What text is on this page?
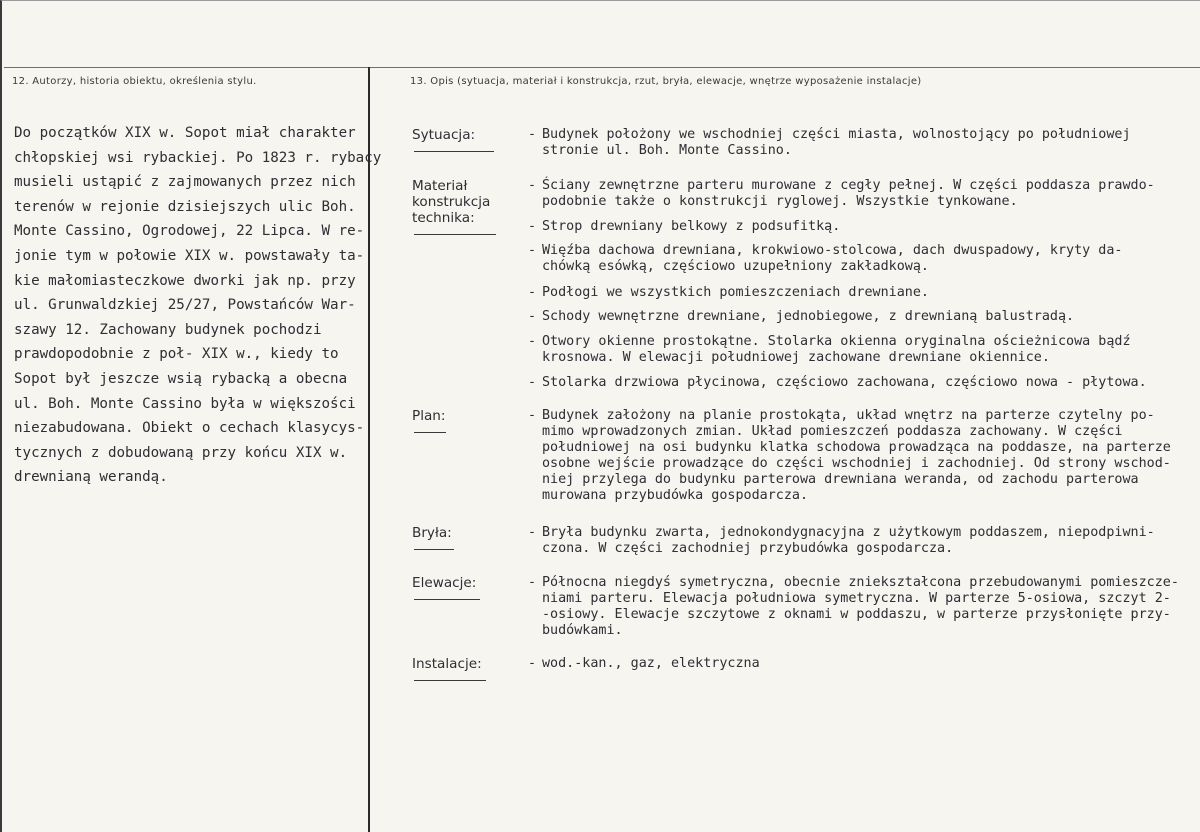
12. Autorzy, historia obiektu, określenia stylu.	13. Opis (sytuacja, materiał i konstrukcja, rzut, bryła, elewacje, wnętrze wyposażenie instalacje)
Do początków XIX w. Sopot miał charakter
chłopskiej wsi rybackiej. Po 1823 r. rybacy
musieli ustąpić z zajmowanych przez nich
terenów w rejonie dzisiejszych ulic Boh.
Monte Cassino, Ogrodowej, 22 Lipca. W re-
jonie tym w połowie XIX w. powstawały ta-
kie małomiasteczkowe dworki jak np. przy
ul. Grunwaldzkiej 25/27, Powstańców War-
szawy 12. Zachowany budynek pochodzi
prawdopodobnie z poł- XIX w., kiedy to
Sopot był jeszcze wsią rybacką a obecna
ul. Boh. Monte Cassino była w większości
niezabudowana. Obiekt o cechach klasycys-
tycznych z dobudowaną przy końcu XIX w.
drewnianą werandą.
Sytuacja:	- Budynek położony we wschodniej części miasta, wolnostojący po południowej
stronie ul. Boh. Monte Cassino.
Materiał
konstrukcja
technika:
- Ściany zewnętrzne parteru murowane z cegły pełnej. W części poddasza prawdo-
podobnie także o konstrukcji ryglowej. Wszystkie tynkowane.
- Strop drewniany belkowy z podsufitką.
- Więźba dachowa drewniana, krokwiowo-stolcowa, dach dwuspadowy, kryty da-
chówką esówką, częściowo uzupełniony zakładkową.
- Podłogi we wszystkich pomieszczeniach drewniane.
- Schody wewnętrzne drewniane, jednobiegowe, z drewnianą balustradą.
- Otwory okienne prostokątne. Stolarka okienna oryginalna ościeżnicowa bądź
krosnowa. W elewacji południowej zachowane drewniane okiennice.
- Stolarka drzwiowa płycinowa, częściowo zachowana, częściowo nowa - płytowa.
Plan:	- Budynek założony na planie prostokąta, układ wnętrz na parterze czytelny po-
mimo wprowadzonych zmian. Układ pomieszczeń poddasza zachowany. W części
południowej na osi budynku klatka schodowa prowadząca na poddasze, na parterze
osobne wejście prowadzące do części wschodniej i zachodniej. Od strony wschod-
niej przylega do budynku parterowa drewniana weranda, od zachodu parterowa
murowana przybudówka gospodarcza.
Bryła:	- Bryła budynku zwarta, jednokondygnacyjna z użytkowym poddaszem, niepodpiwni-
czona. W części zachodniej przybudówka gospodarcza.
Elewacje:	- Północna niegdyś symetryczna, obecnie zniekształcona przebudowanymi pomieszcze-
niami parteru. Elewacja południowa symetryczna. W parterze 5-osiowa, szczyt 2-
-osiowy. Elewacje szczytowe z oknami w poddaszu, w parterze przysłonięte przy-
budówkami.
Instalacje:	- wod.-kan., gaz, elektryczna
